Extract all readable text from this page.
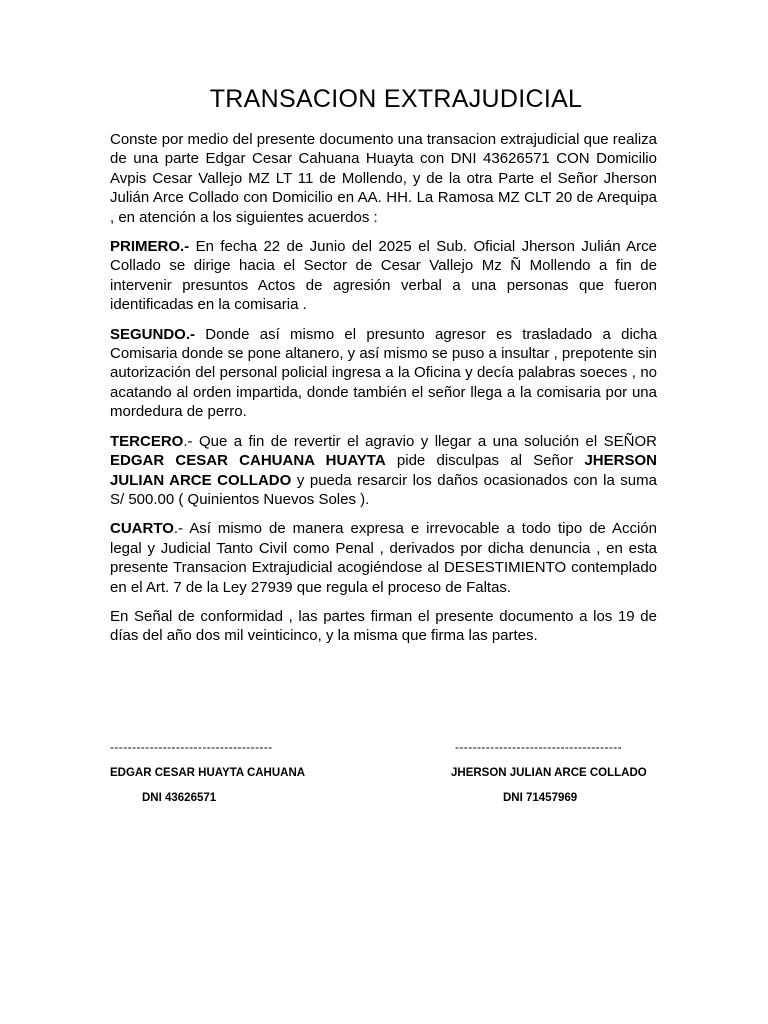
TRANSACION EXTRAJUDICIAL

Conste por medio del presente documento una transacion extrajudicial que realiza de una parte Edgar Cesar Cahuana Huayta con DNI 43626571 CON Domicilio Avpis Cesar Vallejo MZ LT 11 de Mollendo, y de la otra Parte el Señor Jherson Julián Arce Collado con Domicilio en AA. HH. La Ramosa MZ CLT 20 de Arequipa , en atención a los siguientes acuerdos :

PRIMERO.- En fecha 22 de Junio del 2025 el Sub. Oficial Jherson Julián Arce Collado se dirige hacia el Sector de Cesar Vallejo Mz Ñ Mollendo a fin de intervenir presuntos Actos de agresión verbal a una personas que fueron identificadas en la comisaria .

SEGUNDO.- Donde así mismo el presunto agresor es trasladado a dicha Comisaria donde se pone altanero, y así mismo se puso a insultar , prepotente sin autorización del personal policial ingresa a la Oficina y decía palabras soeces , no acatando al orden impartida, donde también el señor llega a la comisaria por una mordedura de perro.

TERCERO.- Que a fin de revertir el agravio y llegar a una solución el SEÑOR EDGAR CESAR CAHUANA HUAYTA pide disculpas al Señor JHERSON JULIAN ARCE COLLADO y pueda resarcir los daños ocasionados con la suma S/ 500.00 ( Quinientos Nuevos Soles ).

CUARTO.- Así mismo de manera expresa e irrevocable a todo tipo de Acción legal y Judicial Tanto Civil como Penal , derivados por dicha denuncia , en esta presente Transacion Extrajudicial acogiéndose al DESESTIMIENTO contemplado en el Art. 7 de la Ley 27939 que regula el proceso de Faltas.

En Señal de conformidad , las partes firman el presente documento a los 19 de días del año dos mil veinticinco, y la misma que firma las partes.

-------------------------------------	--------------------------------------
EDGAR CESAR HUAYTA CAHUANA	JHERSON JULIAN ARCE COLLADO
DNI 43626571	DNI 71457969
